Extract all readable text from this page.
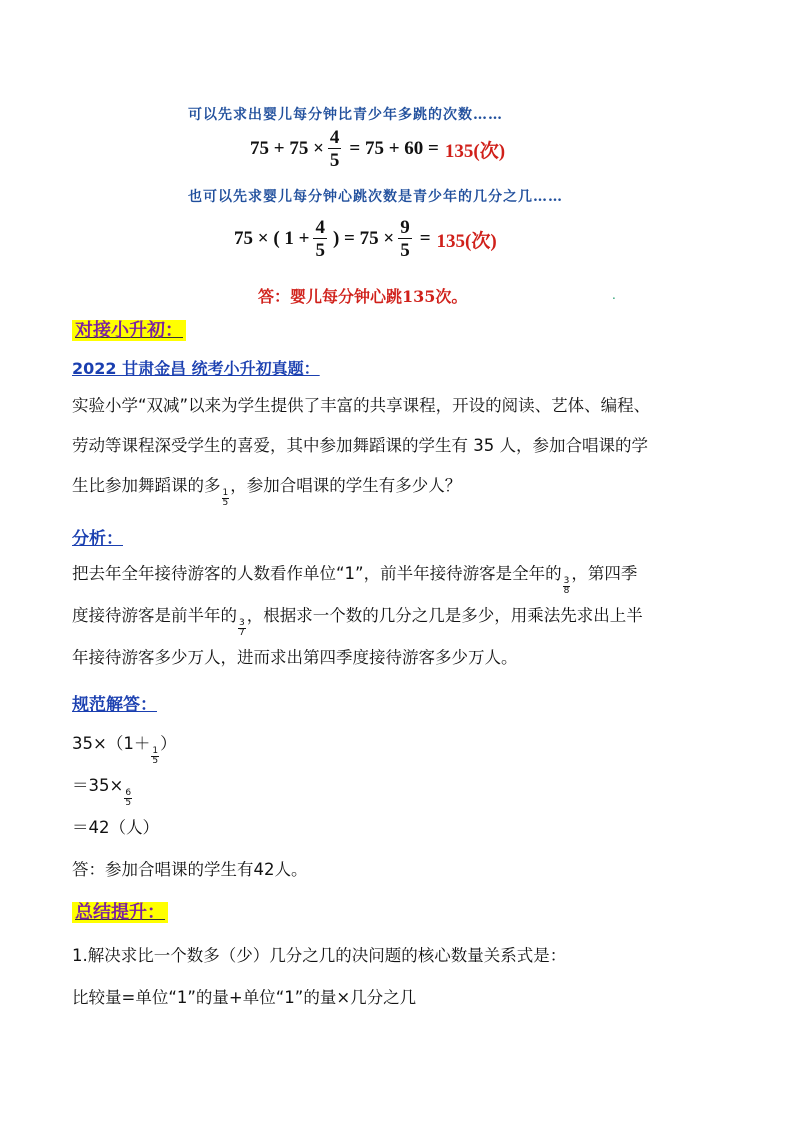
可以先求出婴儿每分钟比青少年多跳的次数……
$75 + 75 \times \frac{4}{5} = 75 + 60 = 135$(次)
也可以先求婴儿每分钟心跳次数是青少年的几分之几……
75 × ( $1 + \frac{4}{5}$ ) = $75 \times \frac{9}{5} = 135$(次)
答：婴儿每分钟心跳135次。	.
对接小升初：
2022 甘肃金昌 统考小升初真题：
实验小学“双减”以来为学生提供了丰富的共享课程，开设的阅读、艺体、编程、
劳动等课程深受学生的喜爱，其中参加舞蹈课的学生有 35 人，参加合唱课的学
生比参加舞蹈课的多
$\frac{1}{5}$
，参加合唱课的学生有多少人？
分析：
把去年全年接待游客的人数看作单位“1”，前半年接待游客是全年的
$\frac{3}{8}$
，第四季
度接待游客是前半年的
$\frac{3}{7}$
，根据求一个数的几分之几是多少，用乘法先求出上半
年接待游客多少万人，进而求出第四季度接待游客多少万人。
规范解答：
35×（1＋
$\frac{1}{5}$
）
＝35×
$\frac{6}{5}$
＝42（人）
答：参加合唱课的学生有42人。
总结提升：
1.解决求比一个数多（少）几分之几的决问题的核心数量关系式是：
比较量=单位“1”的量+单位“1”的量×几分之几
